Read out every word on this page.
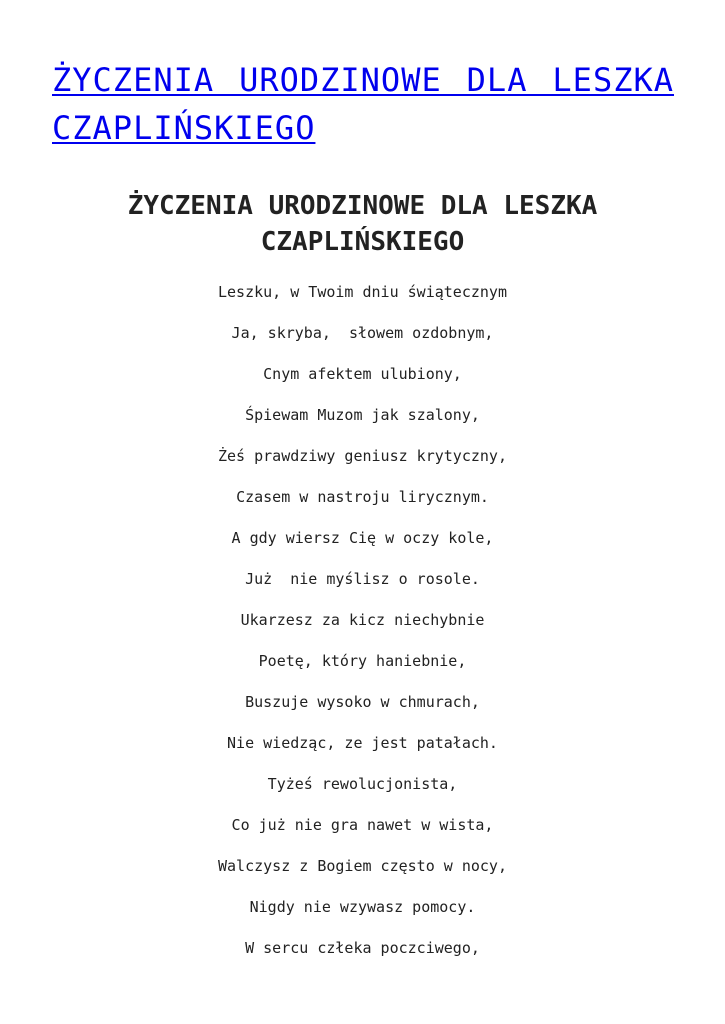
ŻYCZENIA URODZINOWE DLA LESZKA CZAPLIŃSKIEGO
ŻYCZENIA URODZINOWE DLA LESZKA CZAPLIŃSKIEGO
Leszku, w Twoim dniu świątecznym
Ja, skryba,  słowem ozdobnym,
Cnym afektem ulubiony,
Śpiewam Muzom jak szalony,
Żeś prawdziwy geniusz krytyczny,
Czasem w nastroju lirycznym.
A gdy wiersz Cię w oczy kole,
Już  nie myślisz o rosole.
Ukarzesz za kicz niechybnie
Poetę, który haniebnie,
Buszuje wysoko w chmurach,
Nie wiedząc, ze jest patałach.
Tyżeś rewolucjonista,
Co już nie gra nawet w wista,
Walczysz z Bogiem często w nocy,
Nigdy nie wzywasz pomocy.
W sercu człeka poczciwego,
